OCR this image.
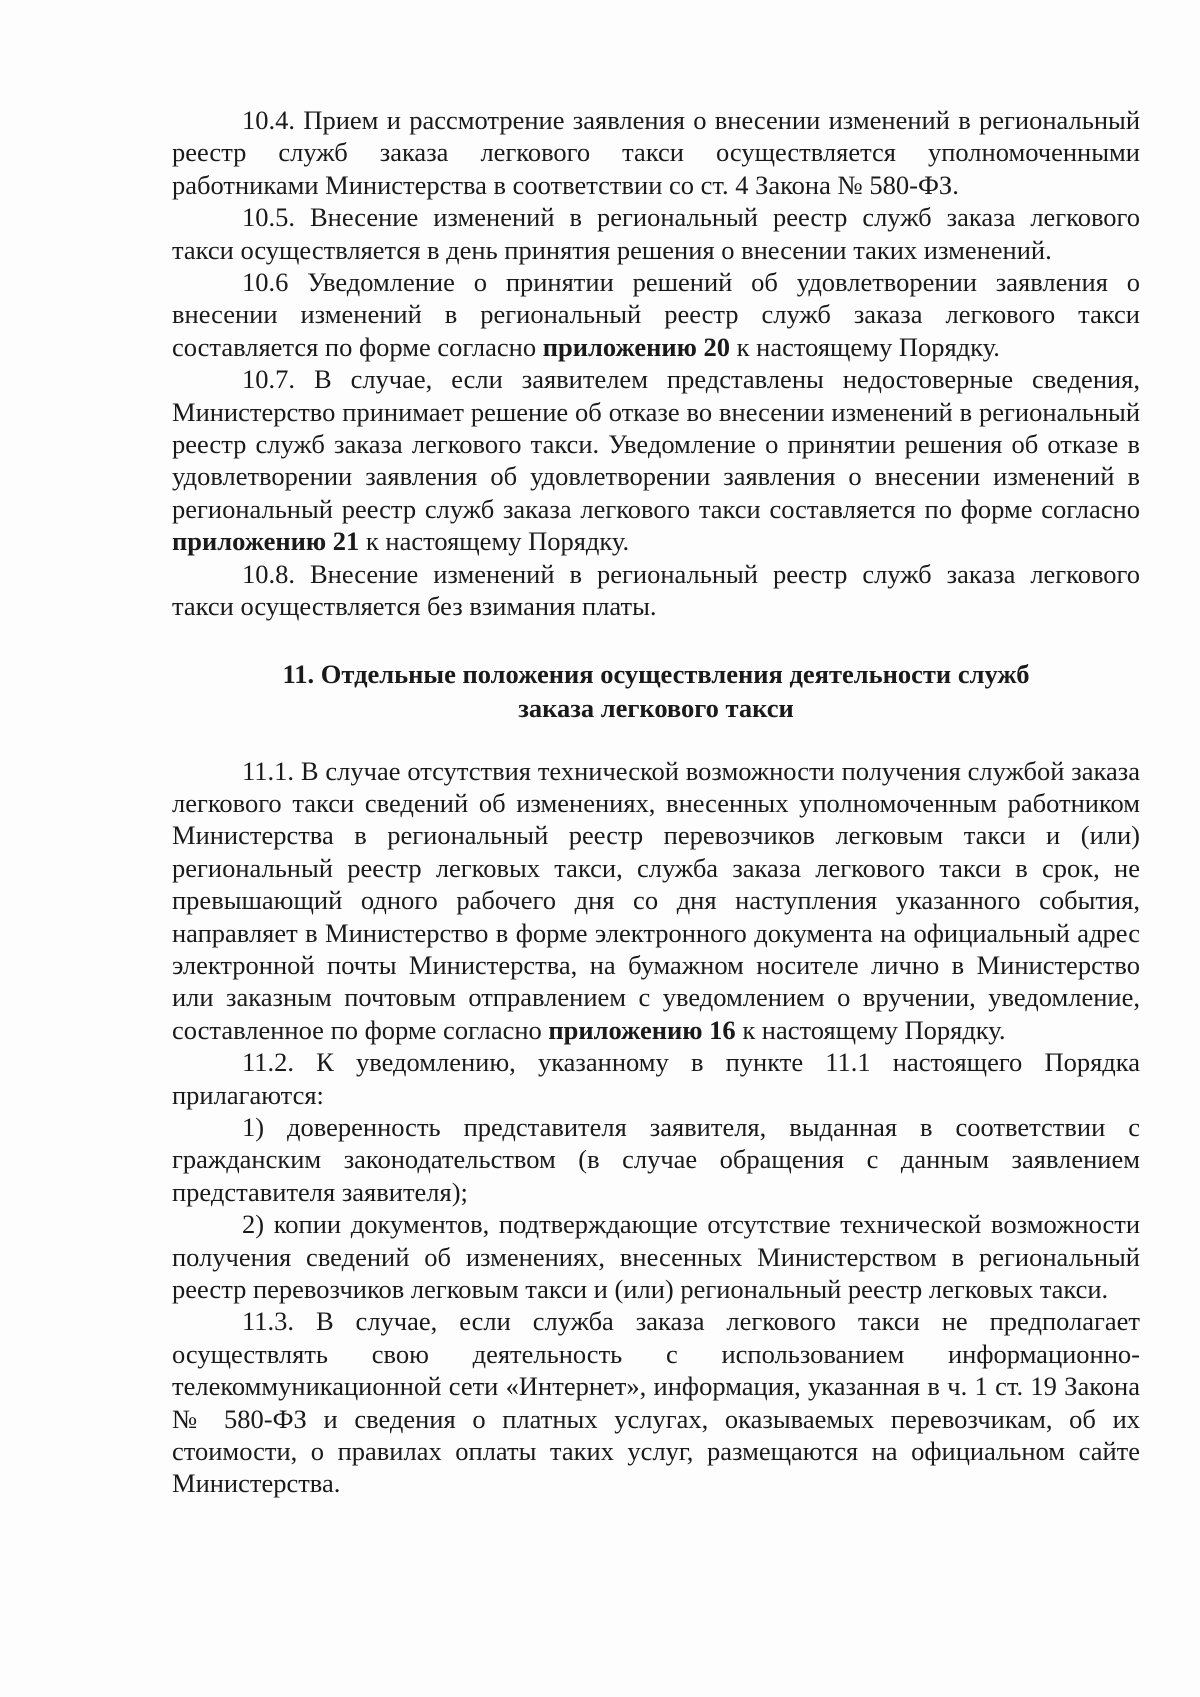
10.4. Прием и рассмотрение заявления о внесении изменений в региональный реестр служб заказа легкового такси осуществляется уполномоченными работниками Министерства в соответствии со ст. 4 Закона № 580-ФЗ.

10.5. Внесение изменений в региональный реестр служб заказа легкового такси осуществляется в день принятия решения о внесении таких изменений.

10.6 Уведомление о принятии решений об удовлетворении заявления о внесении изменений в региональный реестр служб заказа легкового такси составляется по форме согласно приложению 20 к настоящему Порядку.

10.7. В случае, если заявителем представлены недостоверные сведения, Министерство принимает решение об отказе во внесении изменений в региональный реестр служб заказа легкового такси. Уведомление о принятии решения об отказе в удовлетворении заявления об удовлетворении заявления о внесении изменений в региональный реестр служб заказа легкового такси составляется по форме согласно приложению 21 к настоящему Порядку.

10.8. Внесение изменений в региональный реестр служб заказа легкового такси осуществляется без взимания платы.

11. Отдельные положения осуществления деятельности служб
заказа легкового такси

11.1. В случае отсутствия технической возможности получения службой заказа легкового такси сведений об изменениях, внесенных уполномоченным работником Министерства в региональный реестр перевозчиков легковым такси и (или) региональный реестр легковых такси, служба заказа легкового такси в срок, не превышающий одного рабочего дня со дня наступления указанного события, направляет в Министерство в форме электронного документа на официальный адрес электронной почты Министерства, на бумажном носителе лично в Министерство или заказным почтовым отправлением с уведомлением о вручении, уведомление, составленное по форме согласно приложению 16 к настоящему Порядку.

11.2. К уведомлению, указанному в пункте 11.1 настоящего Порядка прилагаются:

1) доверенность представителя заявителя, выданная в соответствии с гражданским законодательством (в случае обращения с данным заявлением представителя заявителя);

2) копии документов, подтверждающие отсутствие технической возможности получения сведений об изменениях, внесенных Министерством в региональный реестр перевозчиков легковым такси и (или) региональный реестр легковых такси.

11.3. В случае, если служба заказа легкового такси не предполагает осуществлять свою деятельность с использованием информационно-телекоммуникационной сети «Интернет», информация, указанная в ч. 1 ст. 19 Закона № 580-ФЗ и сведения о платных услугах, оказываемых перевозчикам, об их стоимости, о правилах оплаты таких услуг, размещаются на официальном сайте Министерства.
